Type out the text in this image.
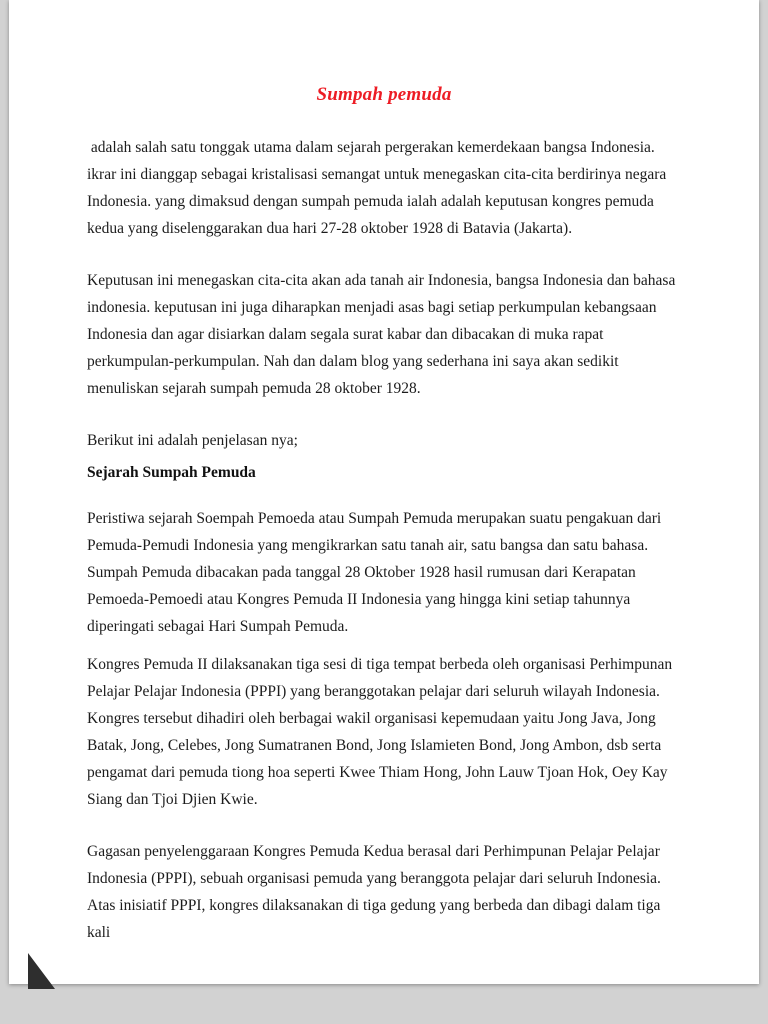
Sumpah pemuda

adalah salah satu tonggak utama dalam sejarah pergerakan kemerdekaan bangsa Indonesia. ikrar ini dianggap sebagai kristalisasi semangat untuk menegaskan cita-cita berdirinya negara Indonesia. yang dimaksud dengan sumpah pemuda ialah adalah keputusan kongres pemuda kedua yang diselenggarakan dua hari 27-28 oktober 1928 di Batavia (Jakarta).

Keputusan ini menegaskan cita-cita akan ada tanah air Indonesia, bangsa Indonesia dan bahasa indonesia. keputusan ini juga diharapkan menjadi asas bagi setiap perkumpulan kebangsaan Indonesia dan agar disiarkan dalam segala surat kabar dan dibacakan di muka rapat perkumpulan-perkumpulan. Nah dan dalam blog yang sederhana ini saya akan sedikit menuliskan sejarah sumpah pemuda 28 oktober 1928.

Berikut ini adalah penjelasan nya;

Sejarah Sumpah Pemuda

Peristiwa sejarah Soempah Pemoeda atau Sumpah Pemuda merupakan suatu pengakuan dari Pemuda-Pemudi Indonesia yang mengikrarkan satu tanah air, satu bangsa dan satu bahasa. Sumpah Pemuda dibacakan pada tanggal 28 Oktober 1928 hasil rumusan dari Kerapatan Pemoeda-Pemoedi atau Kongres Pemuda II Indonesia yang hingga kini setiap tahunnya diperingati sebagai Hari Sumpah Pemuda.

Kongres Pemuda II dilaksanakan tiga sesi di tiga tempat berbeda oleh organisasi Perhimpunan Pelajar Pelajar Indonesia (PPPI) yang beranggotakan pelajar dari seluruh wilayah Indonesia. Kongres tersebut dihadiri oleh berbagai wakil organisasi kepemudaan yaitu Jong Java, Jong Batak, Jong, Celebes, Jong Sumatranen Bond, Jong Islamieten Bond, Jong Ambon, dsb serta pengamat dari pemuda tiong hoa seperti Kwee Thiam Hong, John Lauw Tjoan Hok, Oey Kay Siang dan Tjoi Djien Kwie.

Gagasan penyelenggaraan Kongres Pemuda Kedua berasal dari Perhimpunan Pelajar Pelajar Indonesia (PPPI), sebuah organisasi pemuda yang beranggota pelajar dari seluruh Indonesia. Atas inisiatif PPPI, kongres dilaksanakan di tiga gedung yang berbeda dan dibagi dalam tiga kali
